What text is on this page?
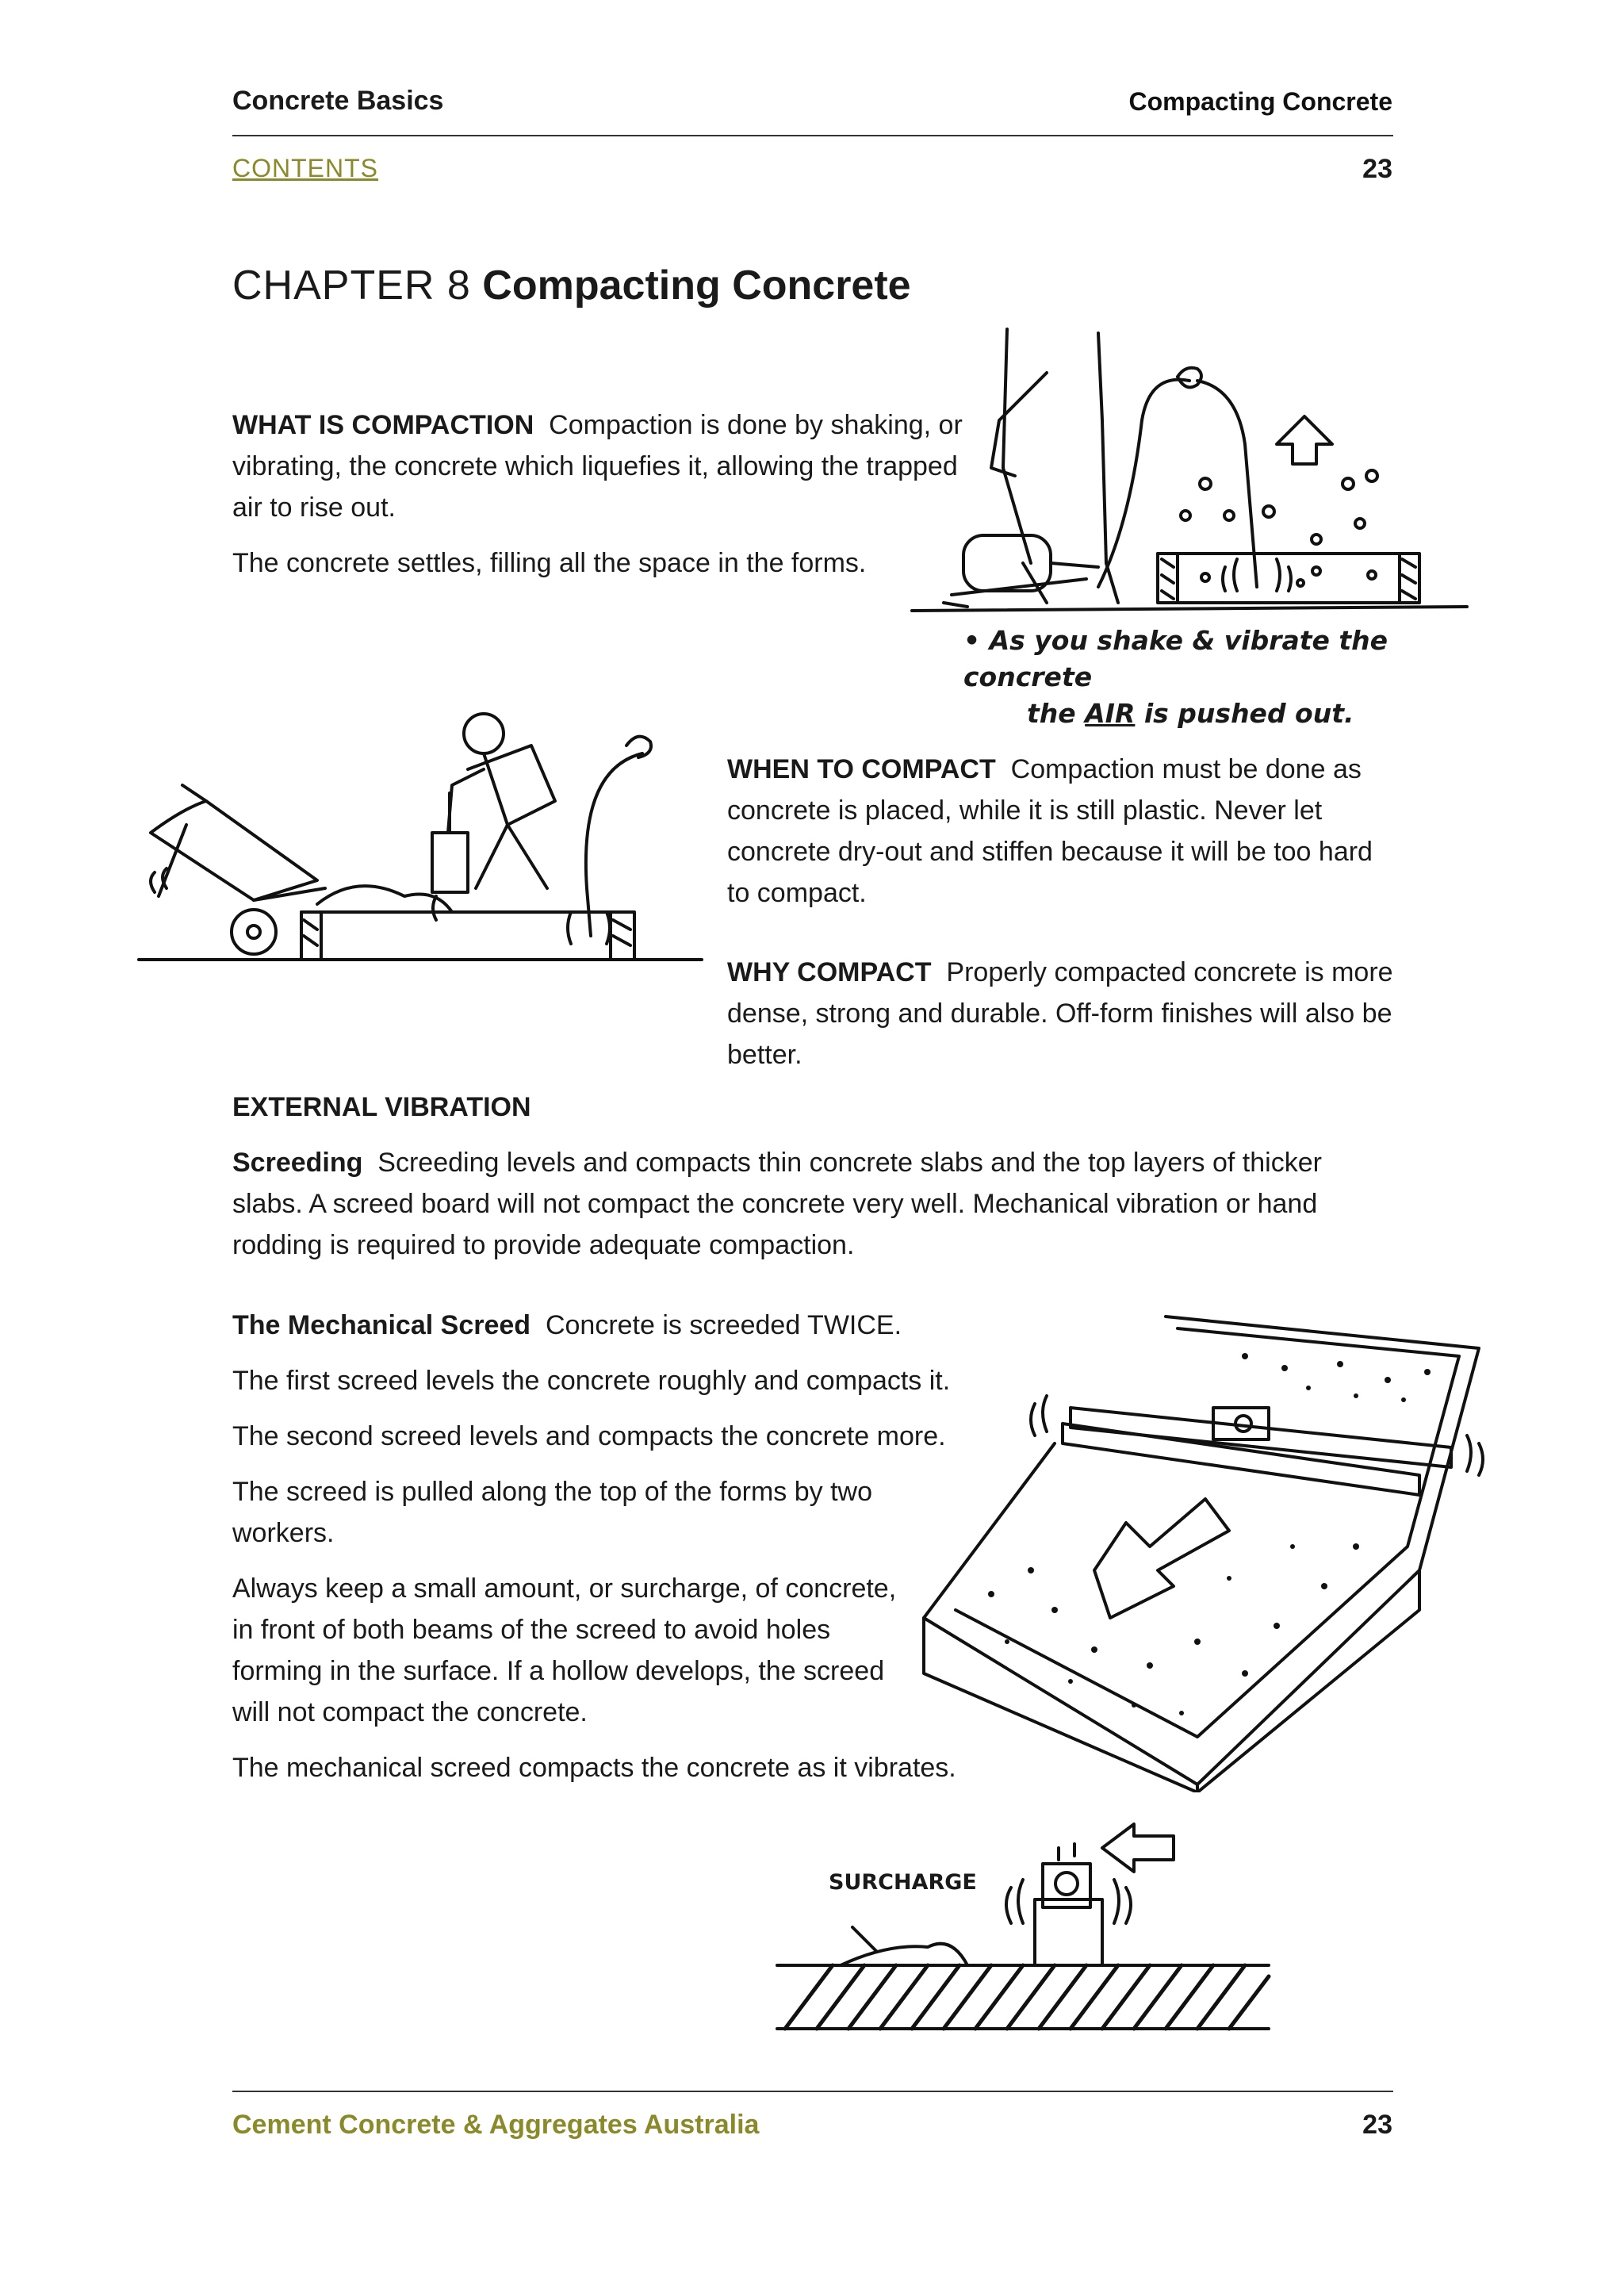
Concrete Basics	Compacting Concrete
CONTENTS	23
CHAPTER 8 Compacting Concrete

WHAT IS COMPACTION Compaction is done by shaking, or vibrating, the concrete which liquefies it, allowing the trapped air to rise out.

The concrete settles, filling all the space in the forms.

• As you shake & vibrate the concrete
the AIR is pushed out.

WHEN TO COMPACT Compaction must be done as concrete is placed, while it is still plastic. Never let concrete dry-out and stiffen because it will be too hard to compact.

WHY COMPACT Properly compacted concrete is more dense, strong and durable. Off-form finishes will also be better.

EXTERNAL VIBRATION

Screeding Screeding levels and compacts thin concrete slabs and the top layers of thicker slabs. A screed board will not compact the concrete very well. Mechanical vibration or hand rodding is required to provide adequate compaction.

The Mechanical Screed Concrete is screeded TWICE.

The first screed levels the concrete roughly and compacts it.

The second screed levels and compacts the concrete more.

The screed is pulled along the top of the forms by two workers.

Always keep a small amount, or surcharge, of concrete, in front of both beams of the screed to avoid holes forming in the surface. If a hollow develops, the screed will not compact the concrete.

The mechanical screed compacts the concrete as it vibrates.

SURCHARGE
Cement Concrete & Aggregates Australia	23
